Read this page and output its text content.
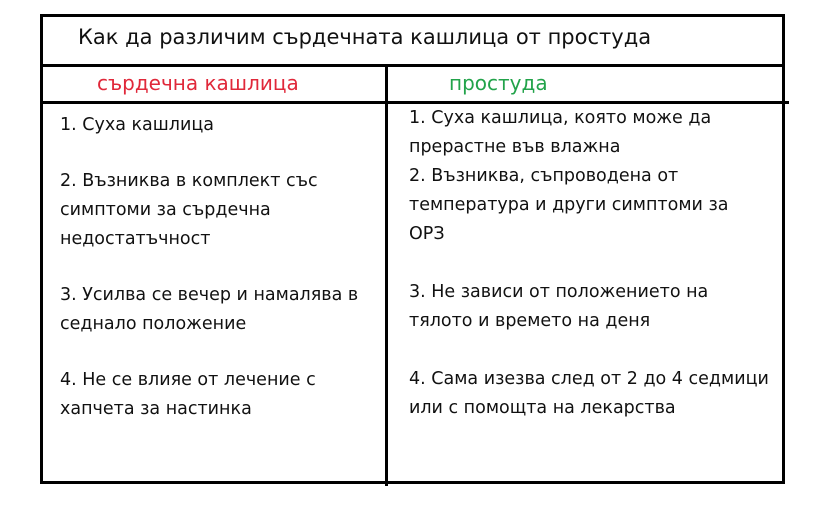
Как да различим сърдечната кашлица от простуда
сърдечна кашлица	простуда
1. Суха кашлица
2. Възниква в комплект със симптоми за сърдечна недостатъчност
3. Усилва се вечер и намалява в седнало положение
4. Не се влияе от лечение с хапчета за настинка
1. Суха кашлица, която може да прерастне във влажна
2. Възниква, съпроводена от температура и други симптоми за ОРЗ
3. Не зависи от положението на тялото и времето на деня
4. Сама изезва след от 2 до 4 седмици или с помощта на лекарства
